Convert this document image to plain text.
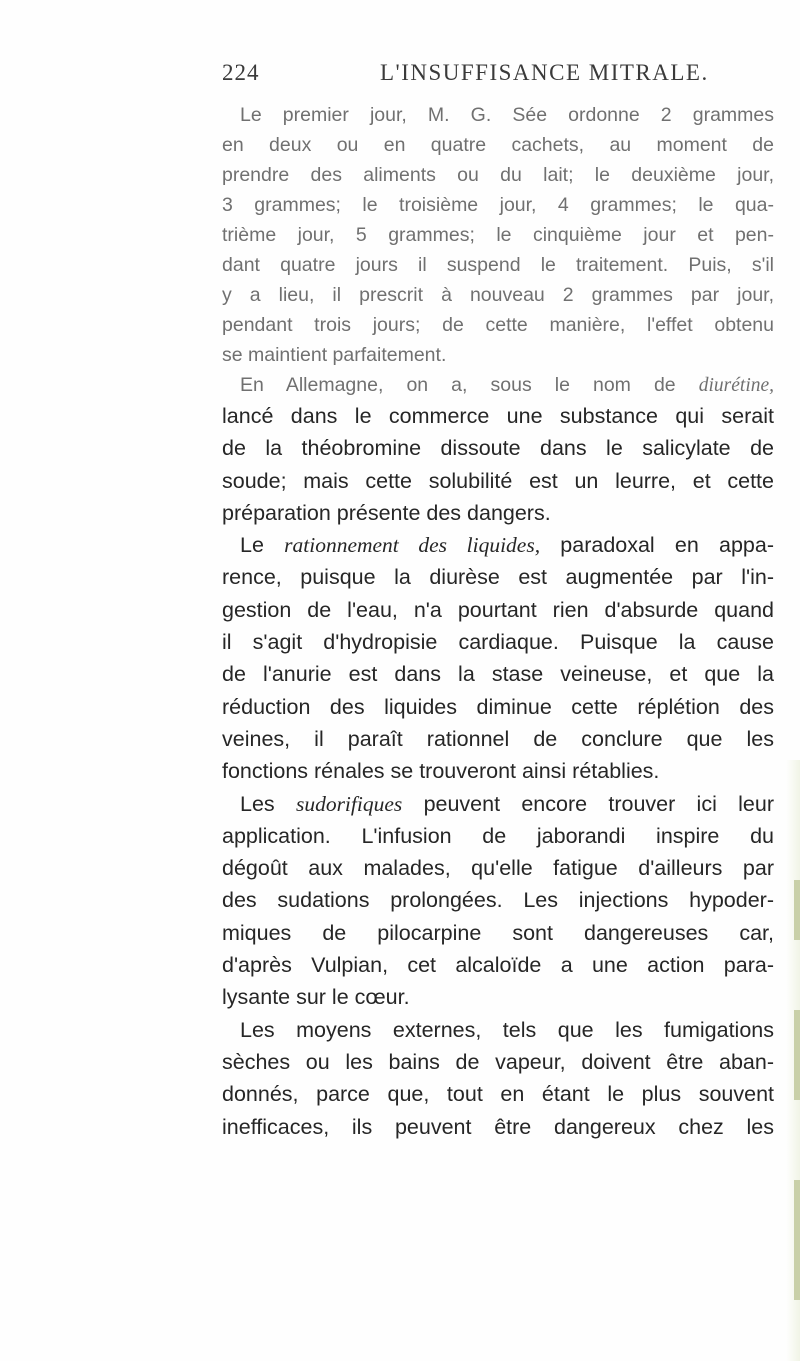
224	L'INSUFFISANCE MITRALE.
Le premier jour, M. G. Sée ordonne 2 grammes
en deux ou en quatre cachets, au moment de
prendre des aliments ou du lait; le deuxième jour,
3 grammes; le troisième jour, 4 grammes; le qua-
trième jour, 5 grammes; le cinquième jour et pen-
dant quatre jours il suspend le traitement. Puis, s'il
y a lieu, il prescrit à nouveau 2 grammes par jour,
pendant trois jours; de cette manière, l'effet obtenu
se maintient parfaitement.
En Allemagne, on a, sous le nom de diurétine,
lancé dans le commerce une substance qui serait
de la théobromine dissoute dans le salicylate de
soude; mais cette solubilité est un leurre, et cette
préparation présente des dangers.
Le rationnement des liquides, paradoxal en appa-
rence, puisque la diurèse est augmentée par l'in-
gestion de l'eau, n'a pourtant rien d'absurde quand
il s'agit d'hydropisie cardiaque. Puisque la cause
de l'anurie est dans la stase veineuse, et que la
réduction des liquides diminue cette réplétion des
veines, il paraît rationnel de conclure que les
fonctions rénales se trouveront ainsi rétablies.
Les sudorifiques peuvent encore trouver ici leur
application. L'infusion de jaborandi inspire du
dégoût aux malades, qu'elle fatigue d'ailleurs par
des sudations prolongées. Les injections hypoder-
miques de pilocarpine sont dangereuses car,
d'après Vulpian, cet alcaloïde a une action para-
lysante sur le cœur.
Les moyens externes, tels que les fumigations
sèches ou les bains de vapeur, doivent être aban-
donnés, parce que, tout en étant le plus souvent
inefficaces, ils peuvent être dangereux chez les
